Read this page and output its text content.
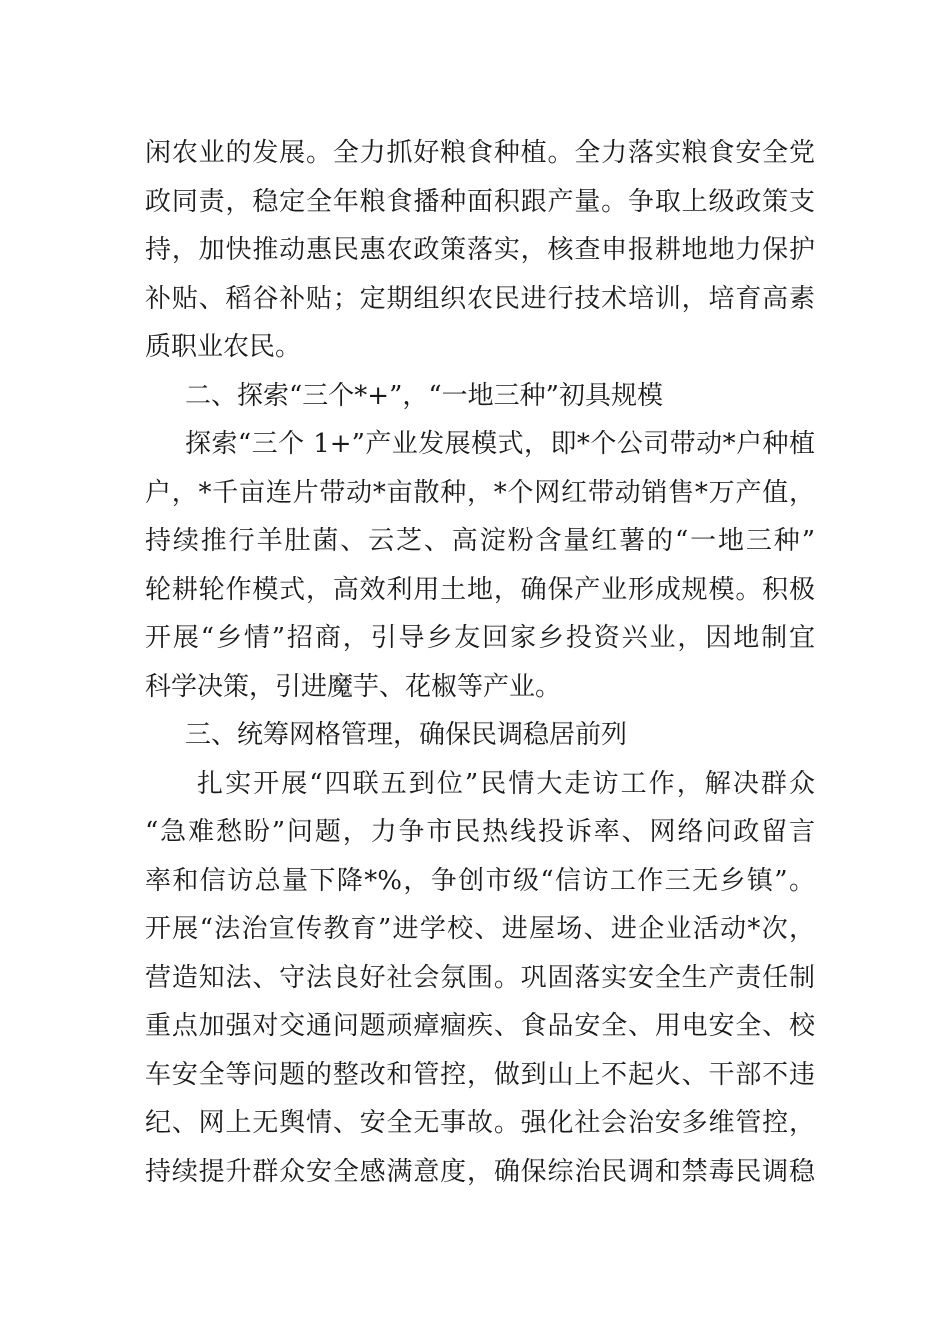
闲农业的发展。全力抓好粮食种植。全力落实粮食安全党
政同责，稳定全年粮食播种面积跟产量。争取上级政策支
持，加快推动惠民惠农政策落实，核查申报耕地地力保护
补贴、稻谷补贴；定期组织农民进行技术培训，培育高素
质职业农民。
二、探索“三个*+”，“一地三种”初具规模
探索“三个 1+”产业发展模式，即*个公司带动*户种植
户，*千亩连片带动*亩散种，*个网红带动销售*万产值，
持续推行羊肚菌、云芝、高淀粉含量红薯的“一地三种”
轮耕轮作模式，高效利用土地，确保产业形成规模。积极
开展“乡情”招商，引导乡友回家乡投资兴业，因地制宜
科学决策，引进魔芋、花椒等产业。
三、统筹网格管理，确保民调稳居前列
扎实开展“四联五到位”民情大走访工作，解决群众
“急难愁盼”问题，力争市民热线投诉率、网络问政留言
率和信访总量下降*%，争创市级“信访工作三无乡镇”。
开展“法治宣传教育”进学校、进屋场、进企业活动*次，
营造知法、守法良好社会氛围。巩固落实安全生产责任制
重点加强对交通问题顽瘴痼疾、食品安全、用电安全、校
车安全等问题的整改和管控，做到山上不起火、干部不违
纪、网上无舆情、安全无事故。强化社会治安多维管控，
持续提升群众安全感满意度，确保综治民调和禁毒民调稳
